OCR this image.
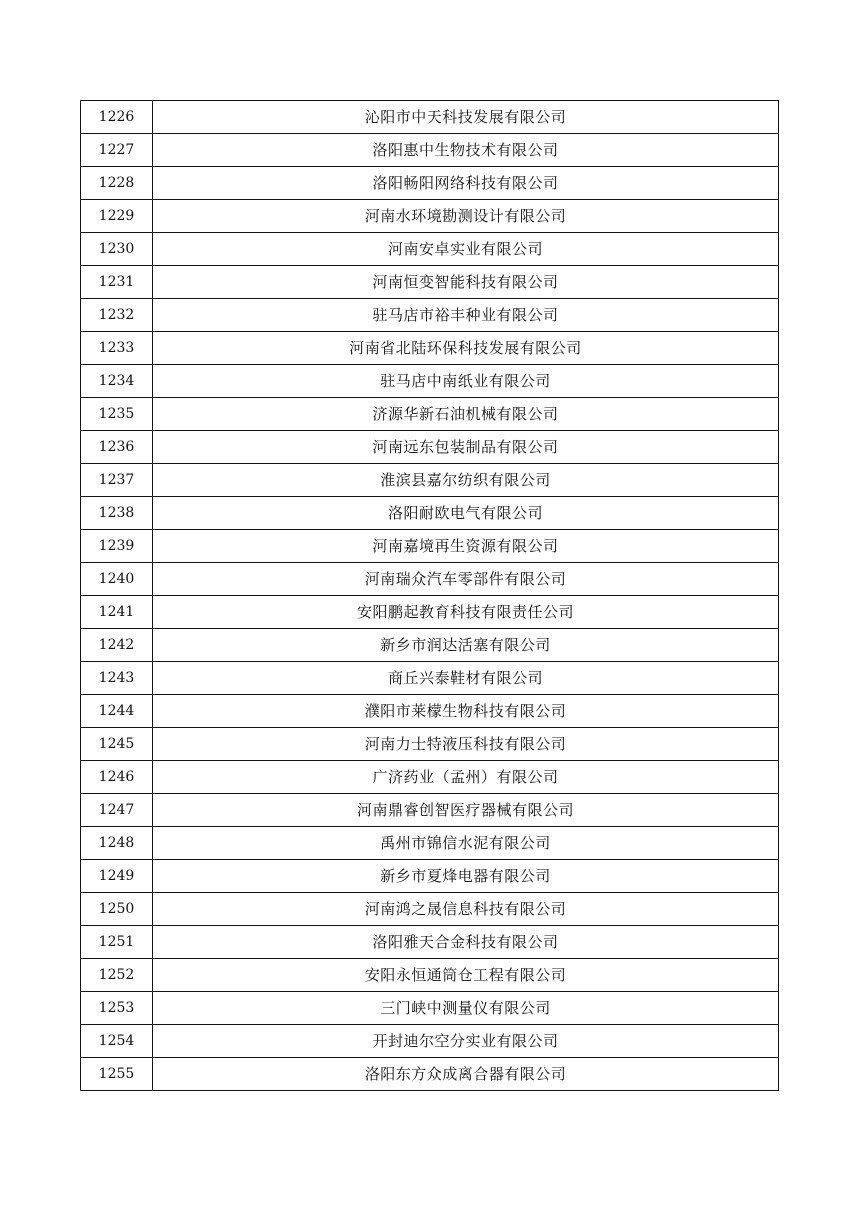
1226	沁阳市中天科技发展有限公司
1227	洛阳惠中生物技术有限公司
1228	洛阳畅阳网络科技有限公司
1229	河南水环境勘测设计有限公司
1230	河南安卓实业有限公司
1231	河南恒变智能科技有限公司
1232	驻马店市裕丰种业有限公司
1233	河南省北陆环保科技发展有限公司
1234	驻马店中南纸业有限公司
1235	济源华新石油机械有限公司
1236	河南远东包装制品有限公司
1237	淮滨县嘉尔纺织有限公司
1238	洛阳耐欧电气有限公司
1239	河南嘉境再生资源有限公司
1240	河南瑞众汽车零部件有限公司
1241	安阳鹏起教育科技有限责任公司
1242	新乡市润达活塞有限公司
1243	商丘兴泰鞋材有限公司
1244	濮阳市莱檬生物科技有限公司
1245	河南力士特液压科技有限公司
1246	广济药业（孟州）有限公司
1247	河南鼎睿创智医疗器械有限公司
1248	禹州市锦信水泥有限公司
1249	新乡市夏烽电器有限公司
1250	河南鸿之晟信息科技有限公司
1251	洛阳雅天合金科技有限公司
1252	安阳永恒通筒仓工程有限公司
1253	三门峡中测量仪有限公司
1254	开封迪尔空分实业有限公司
1255	洛阳东方众成离合器有限公司
